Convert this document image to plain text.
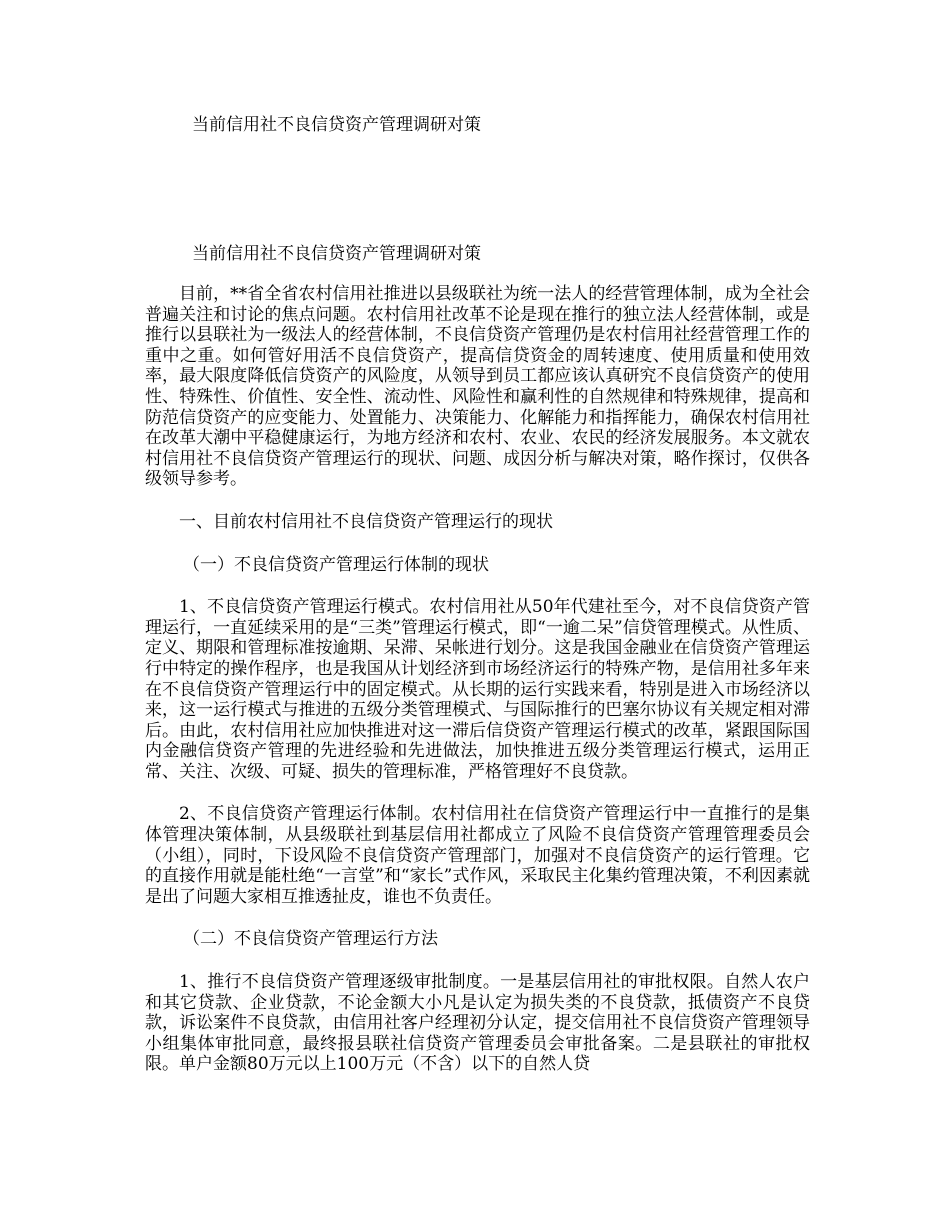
当前信用社不良信贷资产管理调研对策
当前信用社不良信贷资产管理调研对策

目前，**省全省农村信用社推进以县级联社为统一法人的经营管理体制，成为全社会普遍关注和讨论的焦点问题。农村信用社改革不论是现在推行的独立法人经营体制，或是推行以县联社为一级法人的经营体制，不良信贷资产管理仍是农村信用社经营管理工作的重中之重。如何管好用活不良信贷资产，提高信贷资金的周转速度、使用质量和使用效率，最大限度降低信贷资产的风险度，从领导到员工都应该认真研究不良信贷资产的使用性、特殊性、价值性、安全性、流动性、风险性和赢利性的自然规律和特殊规律，提高和防范信贷资产的应变能力、处置能力、决策能力、化解能力和指挥能力，确保农村信用社在改革大潮中平稳健康运行，为地方经济和农村、农业、农民的经济发展服务。本文就农村信用社不良信贷资产管理运行的现状、问题、成因分析与解决对策，略作探讨，仅供各级领导参考。

一、目前农村信用社不良信贷资产管理运行的现状

（一）不良信贷资产管理运行体制的现状

1、不良信贷资产管理运行模式。农村信用社从50年代建社至今，对不良信贷资产管理运行，一直延续采用的是“三类”管理运行模式，即“一逾二呆”信贷管理模式。从性质、定义、期限和管理标准按逾期、呆滞、呆帐进行划分。这是我国金融业在信贷资产管理运行中特定的操作程序，也是我国从计划经济到市场经济运行的特殊产物，是信用社多年来在不良信贷资产管理运行中的固定模式。从长期的运行实践来看，特别是进入市场经济以来，这一运行模式与推进的五级分类管理模式、与国际推行的巴塞尔协议有关规定相对滞后。由此，农村信用社应加快推进对这一滞后信贷资产管理运行模式的改革，紧跟国际国内金融信贷资产管理的先进经验和先进做法，加快推进五级分类管理运行模式，运用正常、关注、次级、可疑、损失的管理标准，严格管理好不良贷款。

2、不良信贷资产管理运行体制。农村信用社在信贷资产管理运行中一直推行的是集体管理决策体制，从县级联社到基层信用社都成立了风险不良信贷资产管理管理委员会（小组），同时，下设风险不良信贷资产管理部门，加强对不良信贷资产的运行管理。它的直接作用就是能杜绝“一言堂”和“家长”式作风，采取民主化集约管理决策，不利因素就是出了问题大家相互推透扯皮，谁也不负责任。

（二）不良信贷资产管理运行方法

1、推行不良信贷资产管理逐级审批制度。一是基层信用社的审批权限。自然人农户和其它贷款、企业贷款，不论金额大小凡是认定为损失类的不良贷款，抵债资产不良贷款，诉讼案件不良贷款，由信用社客户经理初分认定，提交信用社不良信贷资产管理领导小组集体审批同意，最终报县联社信贷资产管理委员会审批备案。二是县联社的审批权限。单户金额80万元以上100万元（不含）以下的自然人贷
